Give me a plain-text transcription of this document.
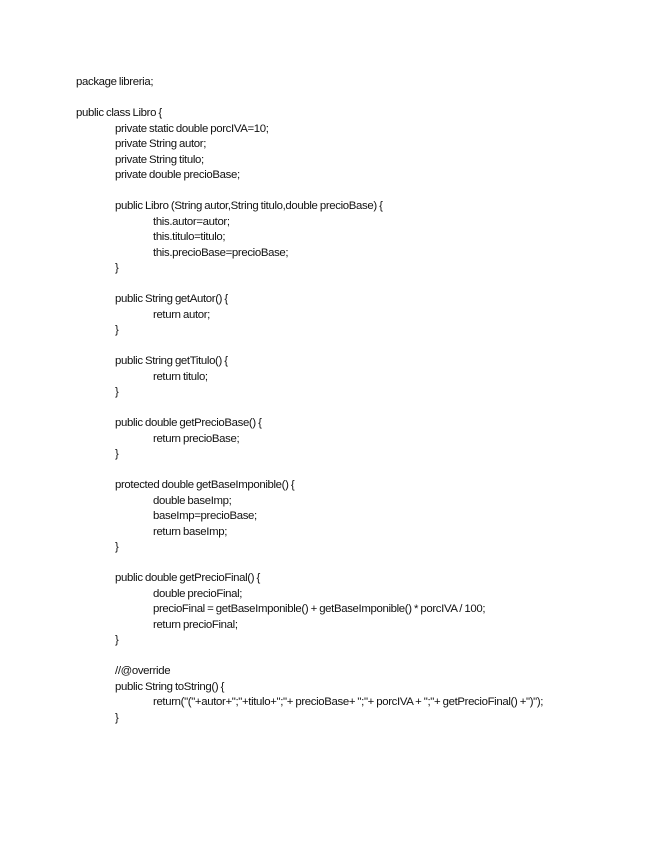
package libreria;
public class Libro {
private static double porcIVA=10;
private String autor;
private String titulo;
private double precioBase;
public Libro (String autor,String titulo,double precioBase) {
this.autor=autor;
this.titulo=titulo;
this.precioBase=precioBase;
}
public String getAutor() {
return autor;
}
public String getTitulo() {
return titulo;
}
public double getPrecioBase() {
return precioBase;
}
protected double getBaseImponible() {
double baseImp;
baseImp=precioBase;
return baseImp;
}
public double getPrecioFinal() {
double precioFinal;
precioFinal = getBaseImponible() + getBaseImponible() * porcIVA / 100;
return precioFinal;
}
//@override
public String toString() {
return("("+autor+";"+titulo+";"+ precioBase+ ";"+ porcIVA + ";"+ getPrecioFinal() +")");
}
